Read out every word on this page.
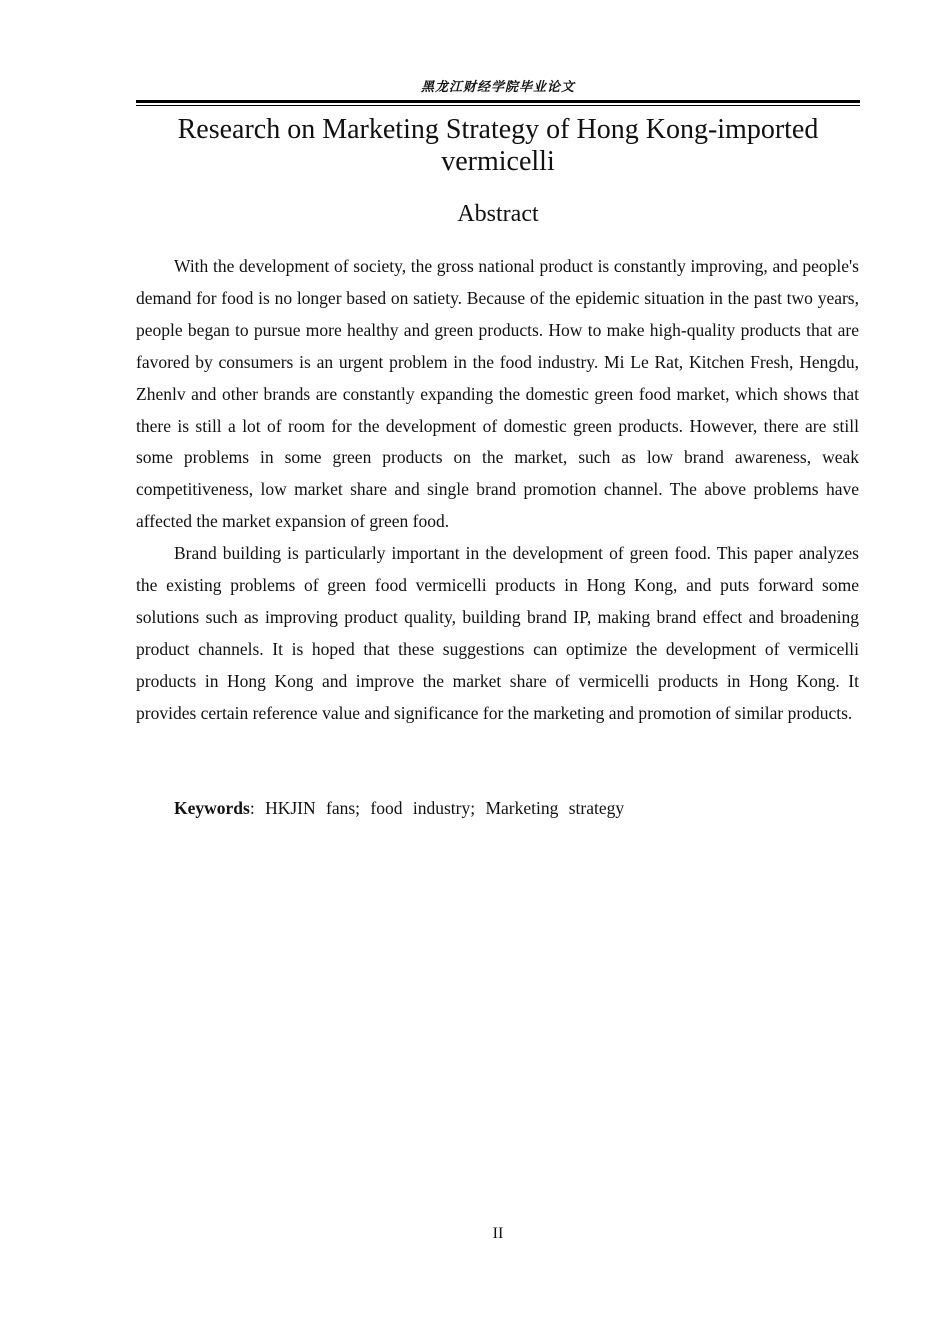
黑龙江财经学院毕业论文
Research on Marketing Strategy of Hong Kong-imported vermicelli
Abstract

With the development of society, the gross national product is constantly improving, and people's demand for food is no longer based on satiety. Because of the epidemic situation in the past two years, people began to pursue more healthy and green products. How to make high-quality products that are favored by consumers is an urgent problem in the food industry. Mi Le Rat, Kitchen Fresh, Hengdu, Zhenlv and other brands are constantly expanding the domestic green food market, which shows that there is still a lot of room for the development of domestic green products. However, there are still some problems in some green products on the market, such as low brand awareness, weak competitiveness, low market share and single brand promotion channel. The above problems have affected the market expansion of green food.

Brand building is particularly important in the development of green food. This paper analyzes the existing problems of green food vermicelli products in Hong Kong, and puts forward some solutions such as improving product quality, building brand IP, making brand effect and broadening product channels. It is hoped that these suggestions can optimize the development of vermicelli products in Hong Kong and improve the market share of vermicelli products in Hong Kong. It provides certain reference value and significance for the marketing and promotion of similar products.

Keywords: HKJIN fans; food industry; Marketing strategy
II
